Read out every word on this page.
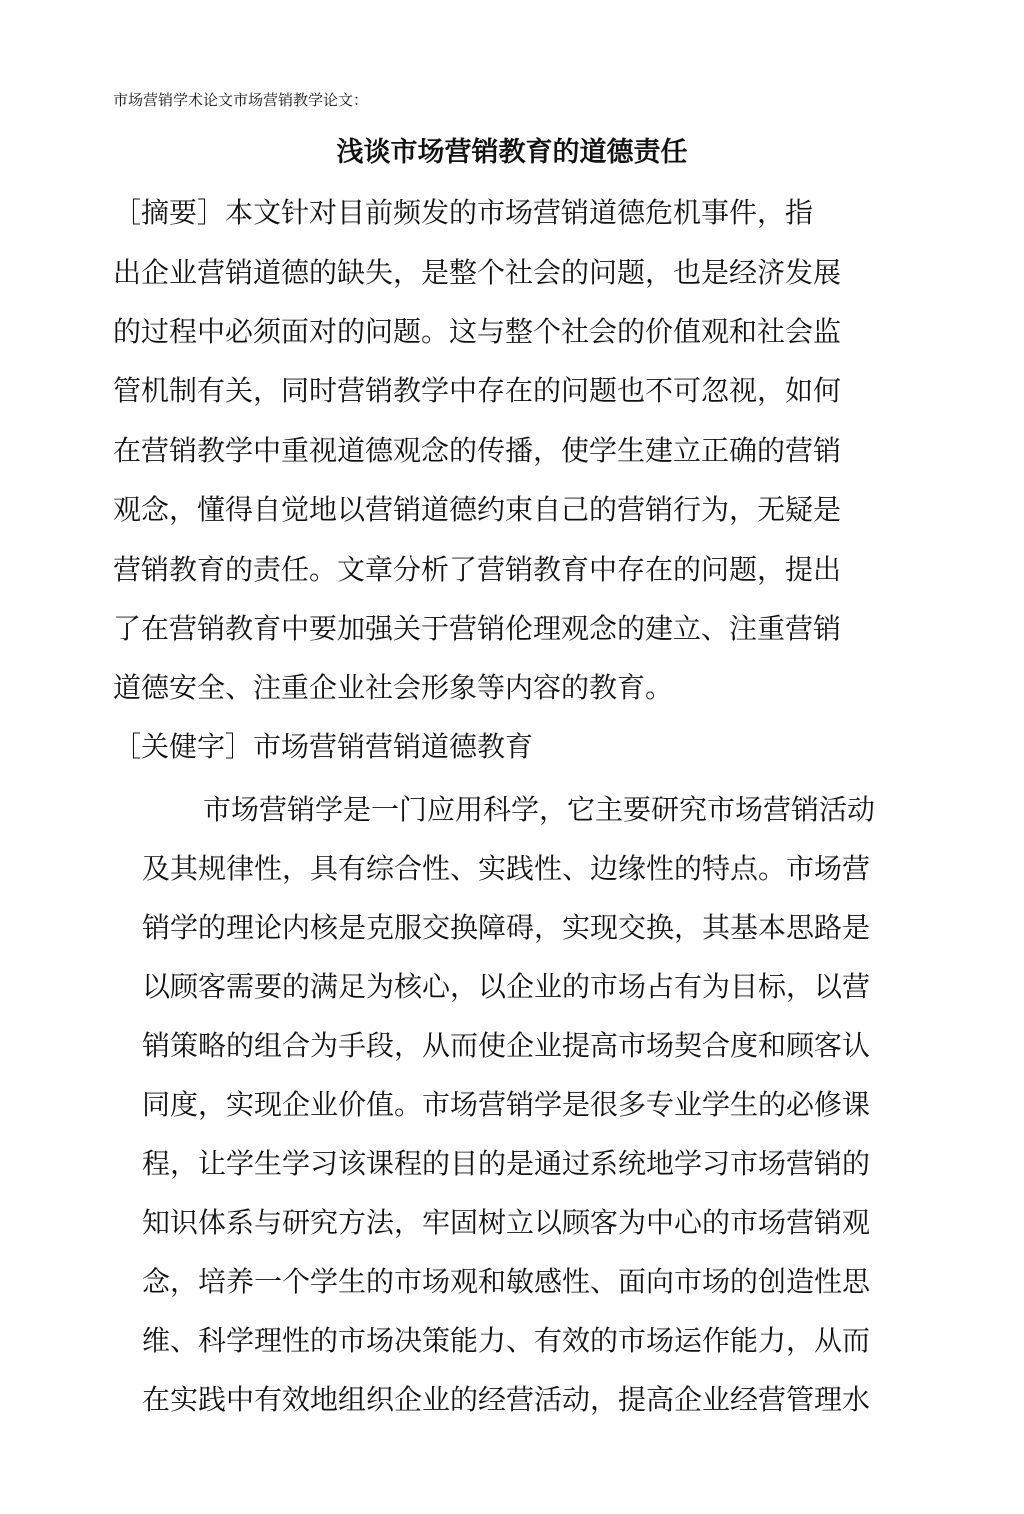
市场营销学术论文市场营销教学论文：
浅谈市场营销教育的道德责任
［摘要］本文针对目前频发的市场营销道德危机事件，指
出企业营销道德的缺失，是整个社会的问题，也是经济发展
的过程中必须面对的问题。这与整个社会的价值观和社会监
管机制有关，同时营销教学中存在的问题也不可忽视，如何
在营销教学中重视道德观念的传播，使学生建立正确的营销
观念，懂得自觉地以营销道德约束自己的营销行为，无疑是
营销教育的责任。文章分析了营销教育中存在的问题，提出
了在营销教育中要加强关于营销伦理观念的建立、注重营销
道德安全、注重企业社会形象等内容的教育。
［关健字］市场营销营销道德教育
市场营销学是一门应用科学，它主要研究市场营销活动
及其规律性，具有综合性、实践性、边缘性的特点。市场营
销学的理论内核是克服交换障碍，实现交换，其基本思路是
以顾客需要的满足为核心，以企业的市场占有为目标，以营
销策略的组合为手段，从而使企业提高市场契合度和顾客认
同度，实现企业价值。市场营销学是很多专业学生的必修课
程，让学生学习该课程的目的是通过系统地学习市场营销的
知识体系与研究方法，牢固树立以顾客为中心的市场营销观
念，培养一个学生的市场观和敏感性、面向市场的创造性思
维、科学理性的市场决策能力、有效的市场运作能力，从而
在实践中有效地组织企业的经营活动，提高企业经营管理水
